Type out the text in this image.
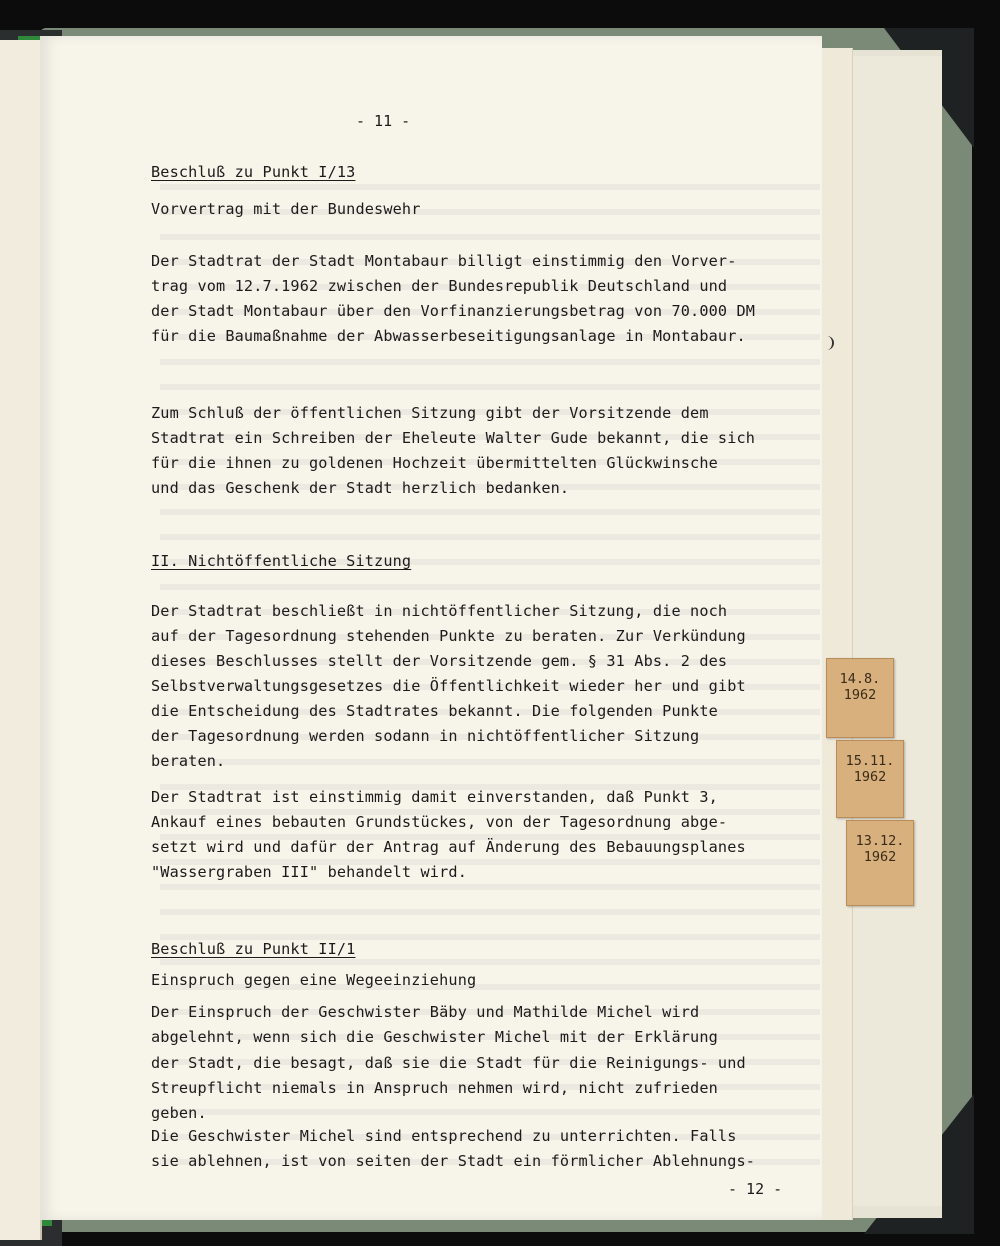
- 11 -
Beschluß zu Punkt I/13
Vorvertrag mit der Bundeswehr
Der Stadtrat der Stadt Montabaur billigt einstimmig den Vorver-
trag vom 12.7.1962 zwischen der Bundesrepublik Deutschland und
der Stadt Montabaur über den Vorfinanzierungsbetrag von 70.000 DM
für die Baumaßnahme der Abwasserbeseitigungsanlage in Montabaur.
Zum Schluß der öffentlichen Sitzung gibt der Vorsitzende dem
Stadtrat ein Schreiben der Eheleute Walter Gude bekannt, die sich
für die ihnen zu goldenen Hochzeit übermittelten Glückwinsche
und das Geschenk der Stadt herzlich bedanken.
II. Nichtöffentliche Sitzung
Der Stadtrat beschließt in nichtöffentlicher Sitzung, die noch
auf der Tagesordnung stehenden Punkte zu beraten. Zur Verkündung
dieses Beschlusses stellt der Vorsitzende gem. § 31 Abs. 2 des
Selbstverwaltungsgesetzes die Öffentlichkeit wieder her und gibt
die Entscheidung des Stadtrates bekannt. Die folgenden Punkte
der Tagesordnung werden sodann in nichtöffentlicher Sitzung
beraten.
Der Stadtrat ist einstimmig damit einverstanden, daß Punkt 3,
Ankauf eines bebauten Grundstückes, von der Tagesordnung abge-
setzt wird und dafür der Antrag auf Änderung des Bebauungsplanes
"Wassergraben III" behandelt wird.
Beschluß zu Punkt II/1
Einspruch gegen eine Wegeeinziehung
Der Einspruch der Geschwister Bäby und Mathilde Michel wird
abgelehnt, wenn sich die Geschwister Michel mit der Erklärung
der Stadt, die besagt, daß sie die Stadt für die Reinigungs- und
Streupflicht niemals in Anspruch nehmen wird, nicht zufrieden
geben.
Die Geschwister Michel sind entsprechend zu unterrichten. Falls
sie ablehnen, ist von seiten der Stadt ein förmlicher Ablehnungs-
- 12 -
14.8.
1962
15.11.
1962
13.12.
1962
